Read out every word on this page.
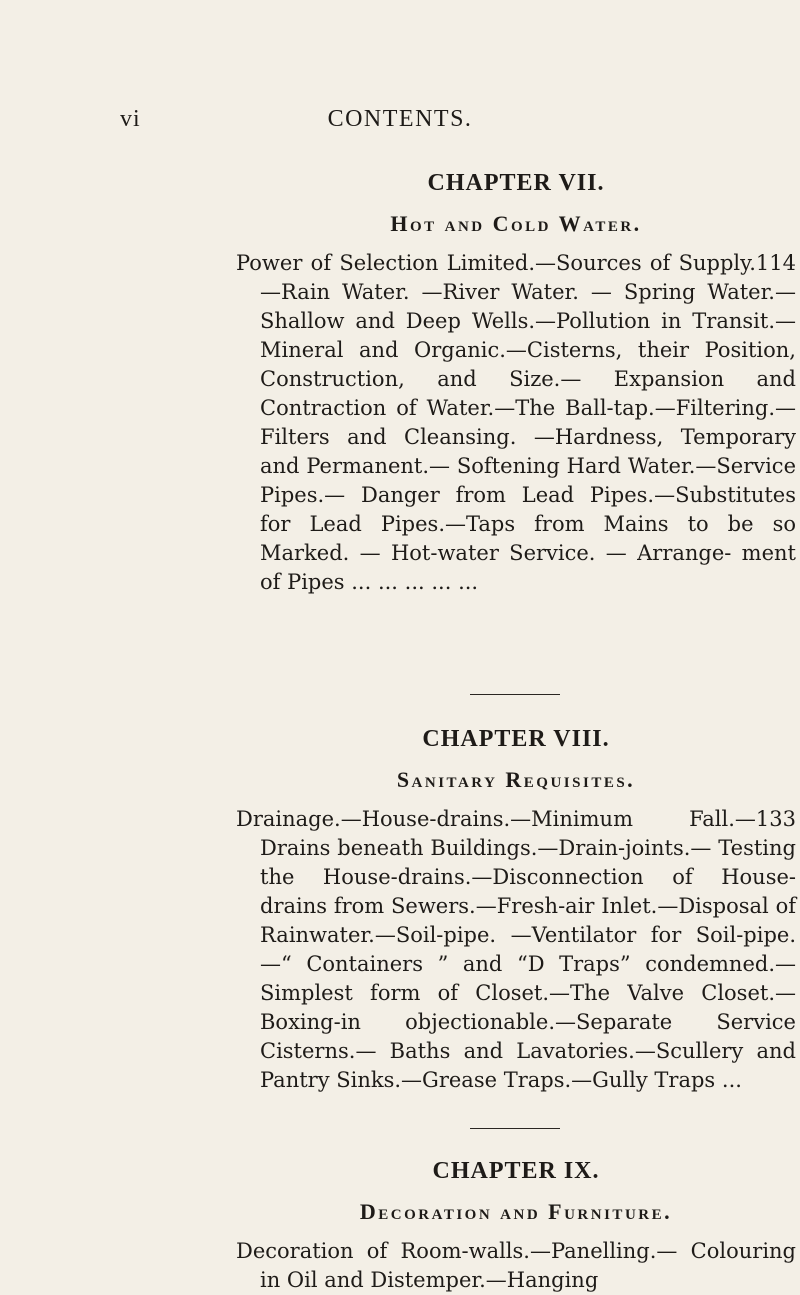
vi	CONTENTS.
CHAPTER VII.
Hot and Cold Water.

114
Power of Selection Limited.—Sources of Supply. —Rain Water. —River Water. — Spring Water.—Shallow and Deep Wells.—Pollution in Transit.—Mineral and Organic.—Cisterns, their Position, Construction, and Size.— Expansion and Contraction of Water.—The Ball-tap.—Filtering.—Filters and Cleansing. —Hardness, Temporary and Permanent.— Softening Hard Water.—Service Pipes.— Danger from Lead Pipes.—Substitutes for Lead Pipes.—Taps from Mains to be so Marked. — Hot-water Service. — Arrange- ment of Pipes ... ... ... ... ...

CHAPTER VIII.
Sanitary Requisites.

133
Drainage.—House-drains.—Minimum Fall.— Drains beneath Buildings.—Drain-joints.— Testing the House-drains.—Disconnection of House-drains from Sewers.—Fresh-air Inlet.—Disposal of Rainwater.—Soil-pipe. —Ventilator for Soil-pipe.—“ Containers ” and “D Traps” condemned.—Simplest form of Closet.—The Valve Closet.—Boxing-in objectionable.—Separate Service Cisterns.— Baths and Lavatories.—Scullery and Pantry Sinks.—Grease Traps.—Gully Traps ...

CHAPTER IX.
Decoration and Furniture.

Decoration of Room-walls.—Panelling.— Colouring in Oil and Distemper.—Hanging
